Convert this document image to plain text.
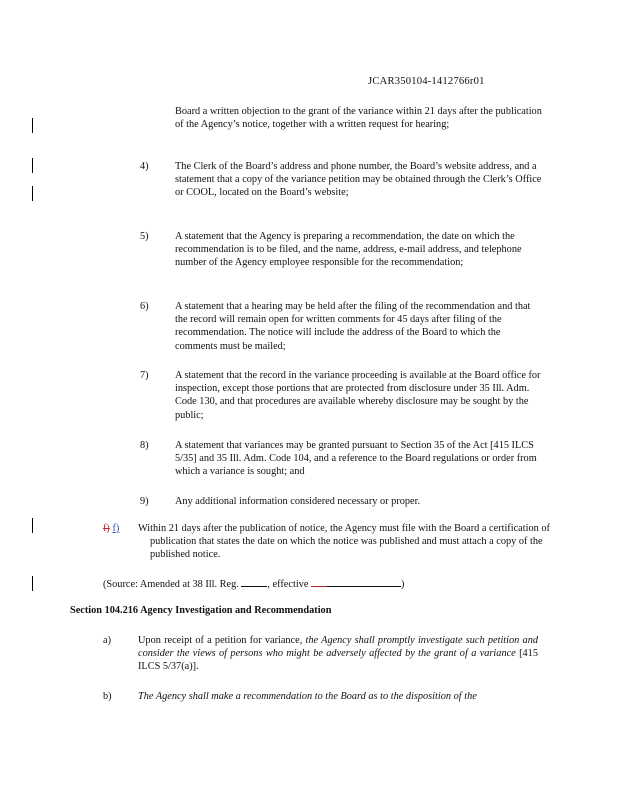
JCAR350104-1412766r01
Board a written objection to the grant of the variance within 21 days after the publication of the Agency’s notice, together with a written request for hearing;
4)	The Clerk of the Board’s address and phone number, the Board’s website address, and a statement that a copy of the variance petition may be obtained through the Clerk’s Office or COOL, located on the Board’s website;
5)	A statement that the Agency is preparing a recommendation, the date on which the recommendation is to be filed, and the name, address, e-mail address, and telephone number of the Agency employee responsible for the recommendation;
6)	A statement that a hearing may be held after the filing of the recommendation and that the record will remain open for written comments for 45 days after filing of the recommendation. The notice will include the address of the Board to which the comments must be mailed;
7)	A statement that the record in the variance proceeding is available at the Board office for inspection, except those portions that are protected from disclosure under 35 Ill. Adm. Code 130, and that procedures are available whereby disclosure may be sought by the public;
8)	A statement that variances may be granted pursuant to Section 35 of the Act [415 ILCS 5/35] and 35 Ill. Adm. Code 104, and a reference to the Board regulations or order from which a variance is sought; and
9)	Any additional information considered necessary or proper.
f) f) Within 21 days after the publication of notice, the Agency must file with the Board a certification of publication that states the date on which the notice was published and must attach a copy of the published notice.
(Source: Amended at 38 Ill. Reg.	, effective	)
Section 104.216 Agency Investigation and Recommendation
a)	Upon receipt of a petition for variance, the Agency shall promptly investigate such petition and consider the views of persons who might be adversely affected by the grant of a variance [415 ILCS 5/37(a)].
b)	The Agency shall make a recommendation to the Board as to the disposition of the
